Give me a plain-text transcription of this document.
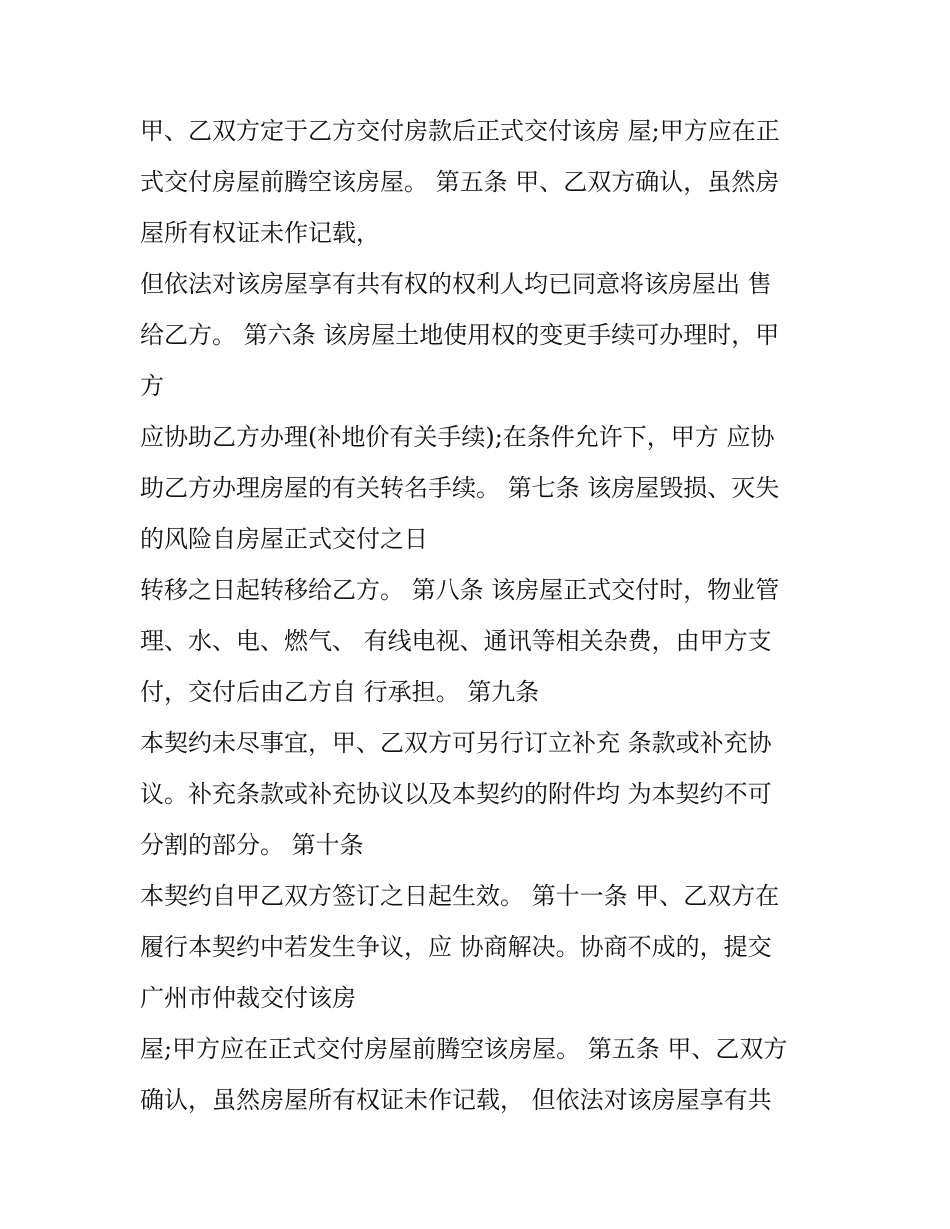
甲、乙双方定于乙方交付房款后正式交付该房 屋;甲方应在正
式交付房屋前腾空该房屋。 第五条 甲、乙双方确认，虽然房
屋所有权证未作记载，
但依法对该房屋享有共有权的权利人均已同意将该房屋出 售
给乙方。 第六条 该房屋土地使用权的变更手续可办理时，甲
方
应协助乙方办理(补地价有关手续);在条件允许下，甲方 应协
助乙方办理房屋的有关转名手续。 第七条 该房屋毁损、灭失
的风险自房屋正式交付之日
转移之日起转移给乙方。 第八条 该房屋正式交付时，物业管
理、水、电、燃气、 有线电视、通讯等相关杂费，由甲方支
付，交付后由乙方自 行承担。 第九条
本契约未尽事宜，甲、乙双方可另行订立补充 条款或补充协
议。补充条款或补充协议以及本契约的附件均 为本契约不可
分割的部分。 第十条
本契约自甲乙双方签订之日起生效。 第十一条 甲、乙双方在
履行本契约中若发生争议，应 协商解决。协商不成的，提交
广州市仲裁交付该房
屋;甲方应在正式交付房屋前腾空该房屋。 第五条 甲、乙双方
确认，虽然房屋所有权证未作记载， 但依法对该房屋享有共
